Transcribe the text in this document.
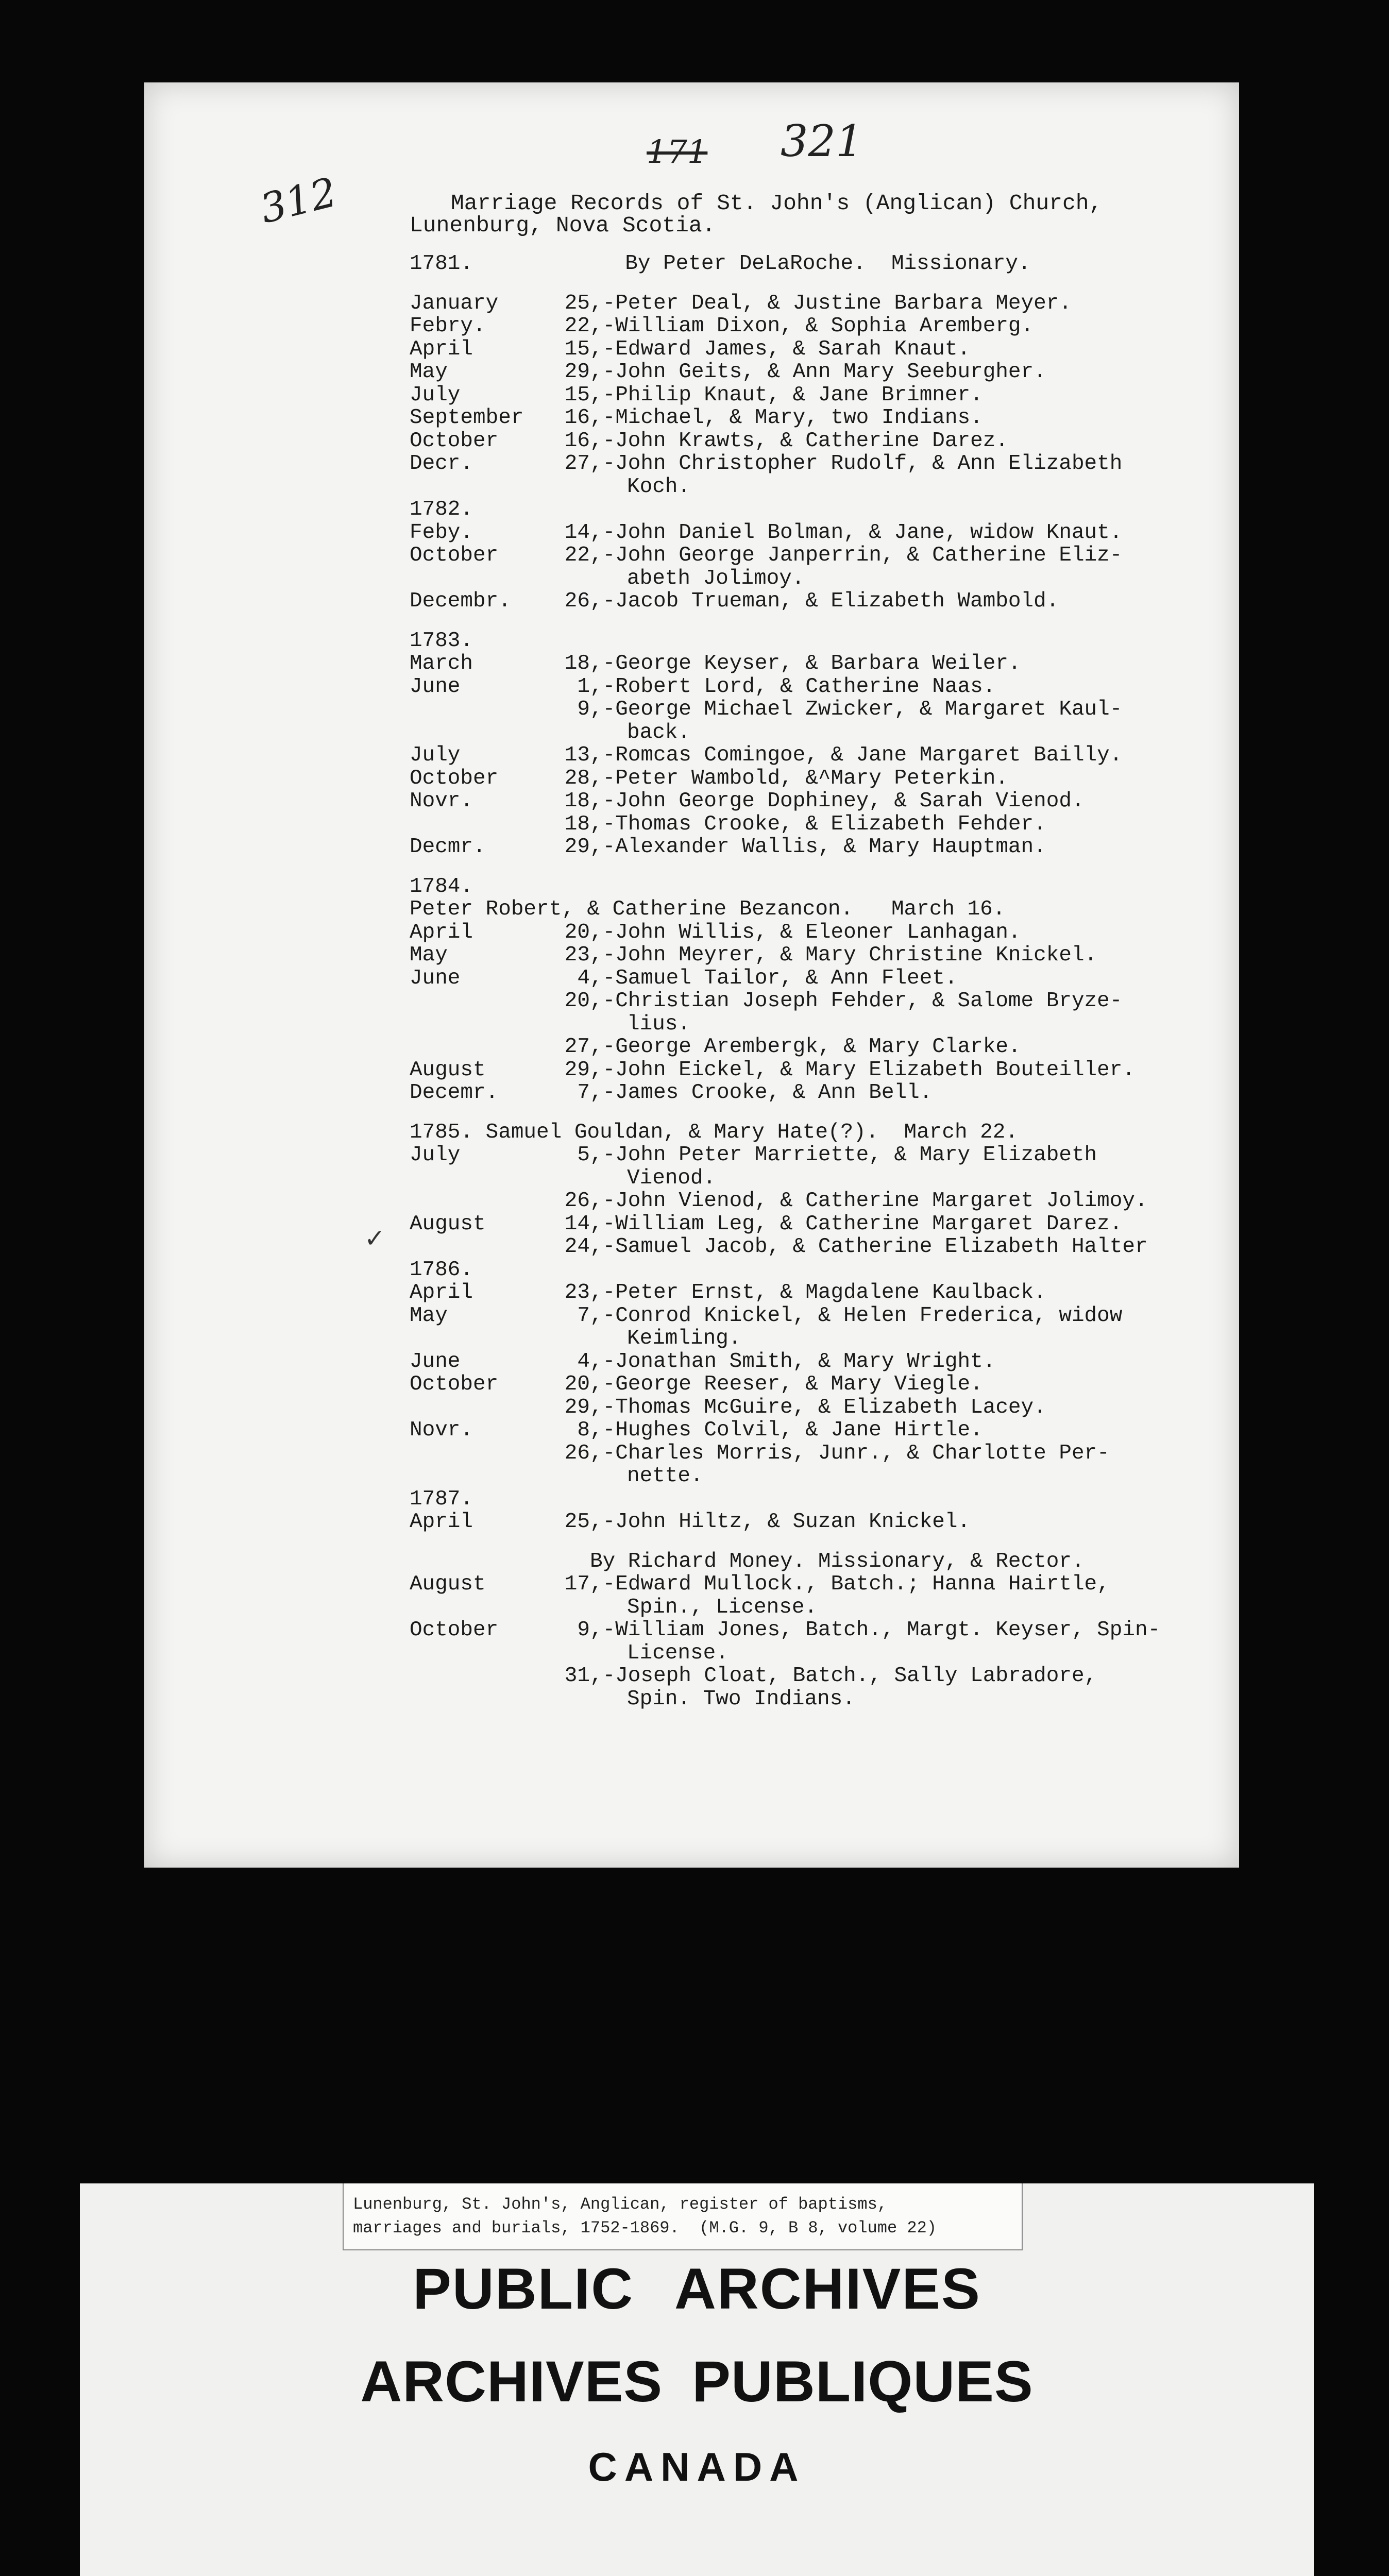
312
171 321
✓
Marriage Records of St. John's (Anglican) Church,
Lunenburg, Nova Scotia.
1781.            By Peter DeLaRoche.  Missionary.
January	25 ,-Peter Deal, & Justine Barbara Meyer.
Febry.	22 ,-William Dixon, & Sophia Aremberg.
April	15 ,-Edward James, & Sarah Knaut.
May	29 ,-John Geits, & Ann Mary Seeburgher.
July	15 ,-Philip Knaut, & Jane Brimner.
September	16 ,-Michael, & Mary, two Indians.
October	16 ,-John Krawts, & Catherine Darez.
Decr.	27 ,-John Christopher Rudolf, & Ann Elizabeth
Koch.
1782.
Feby.	14 ,-John Daniel Bolman, & Jane, widow Knaut.
October	22 ,-John George Janperrin, & Catherine Eliz-
abeth Jolimoy.
Decembr.	26 ,-Jacob Trueman, & Elizabeth Wambold.
1783.
March	18 ,-George Keyser, & Barbara Weiler.
June	1 ,-Robert Lord, & Catherine Naas.
9 ,-George Michael Zwicker, & Margaret Kaul-
back.
July	13 ,-Romcas Comingoe, & Jane Margaret Bailly.
October	28 ,-Peter Wambold, &^Mary Peterkin.
Novr.	18 ,-John George Dophiney, & Sarah Vienod.
18 ,-Thomas Crooke, & Elizabeth Fehder.
Decmr.	29 ,-Alexander Wallis, & Mary Hauptman.
1784.
Peter Robert, & Catherine Bezancon.   March 16.
April	20 ,-John Willis, & Eleoner Lanhagan.
May	23 ,-John Meyrer, & Mary Christine Knickel.
June	4 ,-Samuel Tailor, & Ann Fleet.
20 ,-Christian Joseph Fehder, & Salome Bryze-
lius.
27 ,-George Arembergk, & Mary Clarke.
August	29 ,-John Eickel, & Mary Elizabeth Bouteiller.
Decemr.	7 ,-James Crooke, & Ann Bell.
1785. Samuel Gouldan, & Mary Hate(?).  March 22.
July	5 ,-John Peter Marriette, & Mary Elizabeth
Vienod.
26 ,-John Vienod, & Catherine Margaret Jolimoy.
August	14 ,-William Leg, & Catherine Margaret Darez.
24 ,-Samuel Jacob, & Catherine Elizabeth Halter
1786.
April	23 ,-Peter Ernst, & Magdalene Kaulback.
May	7 ,-Conrod Knickel, & Helen Frederica, widow
Keimling.
June	4 ,-Jonathan Smith, & Mary Wright.
October	20 ,-George Reeser, & Mary Viegle.
29 ,-Thomas McGuire, & Elizabeth Lacey.
Novr.	8 ,-Hughes Colvil, & Jane Hirtle.
26 ,-Charles Morris, Junr., & Charlotte Per-
nette.
1787.
April	25 ,-John Hiltz, & Suzan Knickel.
By Richard Money. Missionary, & Rector.
August	17 ,-Edward Mullock., Batch.; Hanna Hairtle,
Spin., License.
October	9 ,-William Jones, Batch., Margt. Keyser, Spin-
License.
31 ,-Joseph Cloat, Batch., Sally Labradore,
Spin. Two Indians.
Lunenburg, St. John's, Anglican, register of baptisms,
marriages and burials, 1752-1869.  (M.G. 9, B 8, volume 22)
PUBLIC ARCHIVES
ARCHIVES PUBLIQUES
CANADA
